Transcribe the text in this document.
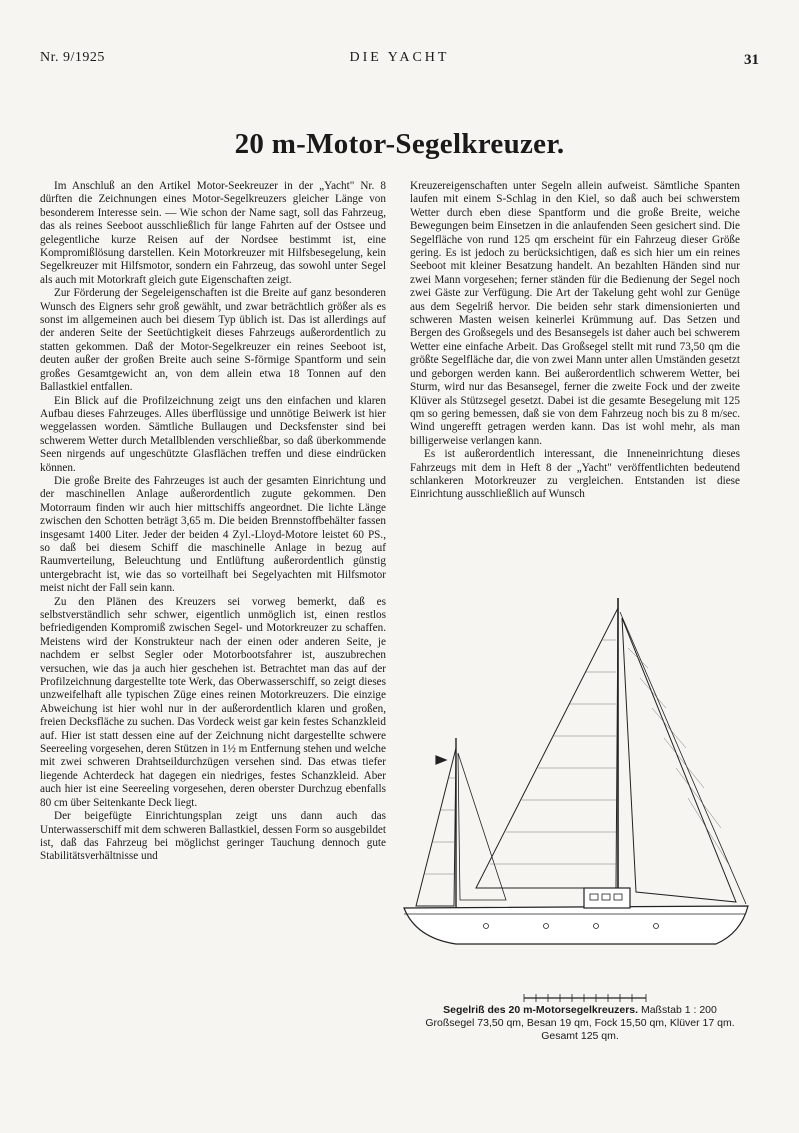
Nr. 9/1925	DIE YACHT	31
20 m-Motor-Segelkreuzer.

Im Anschluß an den Artikel Motor-Seekreuzer in der „Yacht" Nr. 8 dürften die Zeichnungen eines Motor-Segelkreuzers gleicher Länge von besonderem Interesse sein. — Wie schon der Name sagt, soll das Fahrzeug, das als reines Seeboot ausschließlich für lange Fahrten auf der Ostsee und gelegentliche kurze Reisen auf der Nordsee bestimmt ist, eine Kompromißlösung darstellen. Kein Motorkreuzer mit Hilfsbesegelung, kein Segelkreuzer mit Hilfsmotor, sondern ein Fahrzeug, das sowohl unter Segel als auch mit Motorkraft gleich gute Eigenschaften zeigt.

Zur Förderung der Segeleigenschaften ist die Breite auf ganz besonderen Wunsch des Eigners sehr groß gewählt, und zwar beträchtlich größer als es sonst im allgemeinen auch bei diesem Typ üblich ist. Das ist allerdings auf der anderen Seite der Seetüchtigkeit dieses Fahrzeugs außerordentlich zu statten gekommen. Daß der Motor-Segelkreuzer ein reines Seeboot ist, deuten außer der großen Breite auch seine S-förmige Spantform und sein großes Gesamtgewicht an, von dem allein etwa 18 Tonnen auf den Ballastkiel entfallen.

Ein Blick auf die Profilzeichnung zeigt uns den einfachen und klaren Aufbau dieses Fahrzeuges. Alles überflüssige und unnötige Beiwerk ist hier weggelassen worden. Sämtliche Bullaugen und Decksfenster sind bei schwerem Wetter durch Metallblenden verschließbar, so daß überkommende Seen nirgends auf ungeschützte Glasflächen treffen und diese eindrücken können.

Die große Breite des Fahrzeuges ist auch der gesamten Einrichtung und der maschinellen Anlage außerordentlich zugute gekommen. Den Motorraum finden wir auch hier mittschiffs angeordnet. Die lichte Länge zwischen den Schotten beträgt 3,65 m. Die beiden Brennstoffbehälter fassen insgesamt 1400 Liter. Jeder der beiden 4 Zyl.-Lloyd-Motore leistet 60 PS., so daß bei diesem Schiff die maschinelle Anlage in bezug auf Raumverteilung, Beleuchtung und Entlüftung außerordentlich günstig untergebracht ist, wie das so vorteilhaft bei Segelyachten mit Hilfsmotor meist nicht der Fall sein kann.

Zu den Plänen des Kreuzers sei vorweg bemerkt, daß es selbstverständlich sehr schwer, eigentlich unmöglich ist, einen restlos befriedigenden Kompromiß zwischen Segel- und Motorkreuzer zu schaffen. Meistens wird der Konstrukteur nach der einen oder anderen Seite, je nachdem er selbst Segler oder Motorbootsfahrer ist, auszubrechen versuchen, wie das ja auch hier geschehen ist. Betrachtet man das auf der Profilzeichnung dargestellte tote Werk, das Oberwasserschiff, so zeigt dieses unzweifelhaft alle typischen Züge eines reinen Motorkreuzers. Die einzige Abweichung ist hier wohl nur in der außerordentlich klaren und großen, freien Decksfläche zu suchen. Das Vordeck weist gar kein festes Schanzkleid auf. Hier ist statt dessen eine auf der Zeichnung nicht dargestellte schwere Seereeling vorgesehen, deren Stützen in 1½ m Entfernung stehen und welche mit zwei schweren Drahtseildurchzügen versehen sind. Das etwas tiefer liegende Achterdeck hat dagegen ein niedriges, festes Schanzkleid. Aber auch hier ist eine Seereeling vorgesehen, deren oberster Durchzug ebenfalls 80 cm über Seitenkante Deck liegt.

Der beigefügte Einrichtungsplan zeigt uns dann auch das Unterwasserschiff mit dem schweren Ballastkiel, dessen Form so ausgebildet ist, daß das Fahrzeug bei möglichst geringer Tauchung dennoch gute Stabilitätsverhältnisse und

Kreuzereigenschaften unter Segeln allein aufweist. Sämtliche Spanten laufen mit einem S-Schlag in den Kiel, so daß auch bei schwerstem Wetter durch eben diese Spantform und die große Breite, weiche Bewegungen beim Einsetzen in die anlaufenden Seen gesichert sind. Die Segelfläche von rund 125 qm erscheint für ein Fahrzeug dieser Größe gering. Es ist jedoch zu berücksichtigen, daß es sich hier um ein reines Seeboot mit kleiner Besatzung handelt. An bezahlten Händen sind nur zwei Mann vorgesehen; ferner ständen für die Bedienung der Segel noch zwei Gäste zur Verfügung. Die Art der Takelung geht wohl zur Genüge aus dem Segelriß hervor. Die beiden sehr stark dimensionierten und schweren Masten weisen keinerlei Krümmung auf. Das Setzen und Bergen des Großsegels und des Besansegels ist daher auch bei schwerem Wetter eine einfache Arbeit. Das Großsegel stellt mit rund 73,50 qm die größte Segelfläche dar, die von zwei Mann unter allen Umständen gesetzt und geborgen werden kann. Bei außerordentlich schwerem Wetter, bei Sturm, wird nur das Besansegel, ferner die zweite Fock und der zweite Klüver als Stützsegel gesetzt. Dabei ist die gesamte Besegelung mit 125 qm so gering bemessen, daß sie von dem Fahrzeug noch bis zu 8 m/sec. Wind ungerefft getragen werden kann. Das ist wohl mehr, als man billigerweise verlangen kann.

Es ist außerordentlich interessant, die Inneneinrichtung dieses Fahrzeugs mit dem in Heft 8 der „Yacht" veröffentlichten bedeutend schlankeren Motorkreuzer zu vergleichen. Entstanden ist diese Einrichtung ausschließlich auf Wunsch

Segelriß des 20 m-Motorsegelkreuzers. Maßstab 1 : 200
Großsegel 73,50 qm, Besan 19 qm, Fock 15,50 qm, Klüver 17 qm.
Gesamt 125 qm.
